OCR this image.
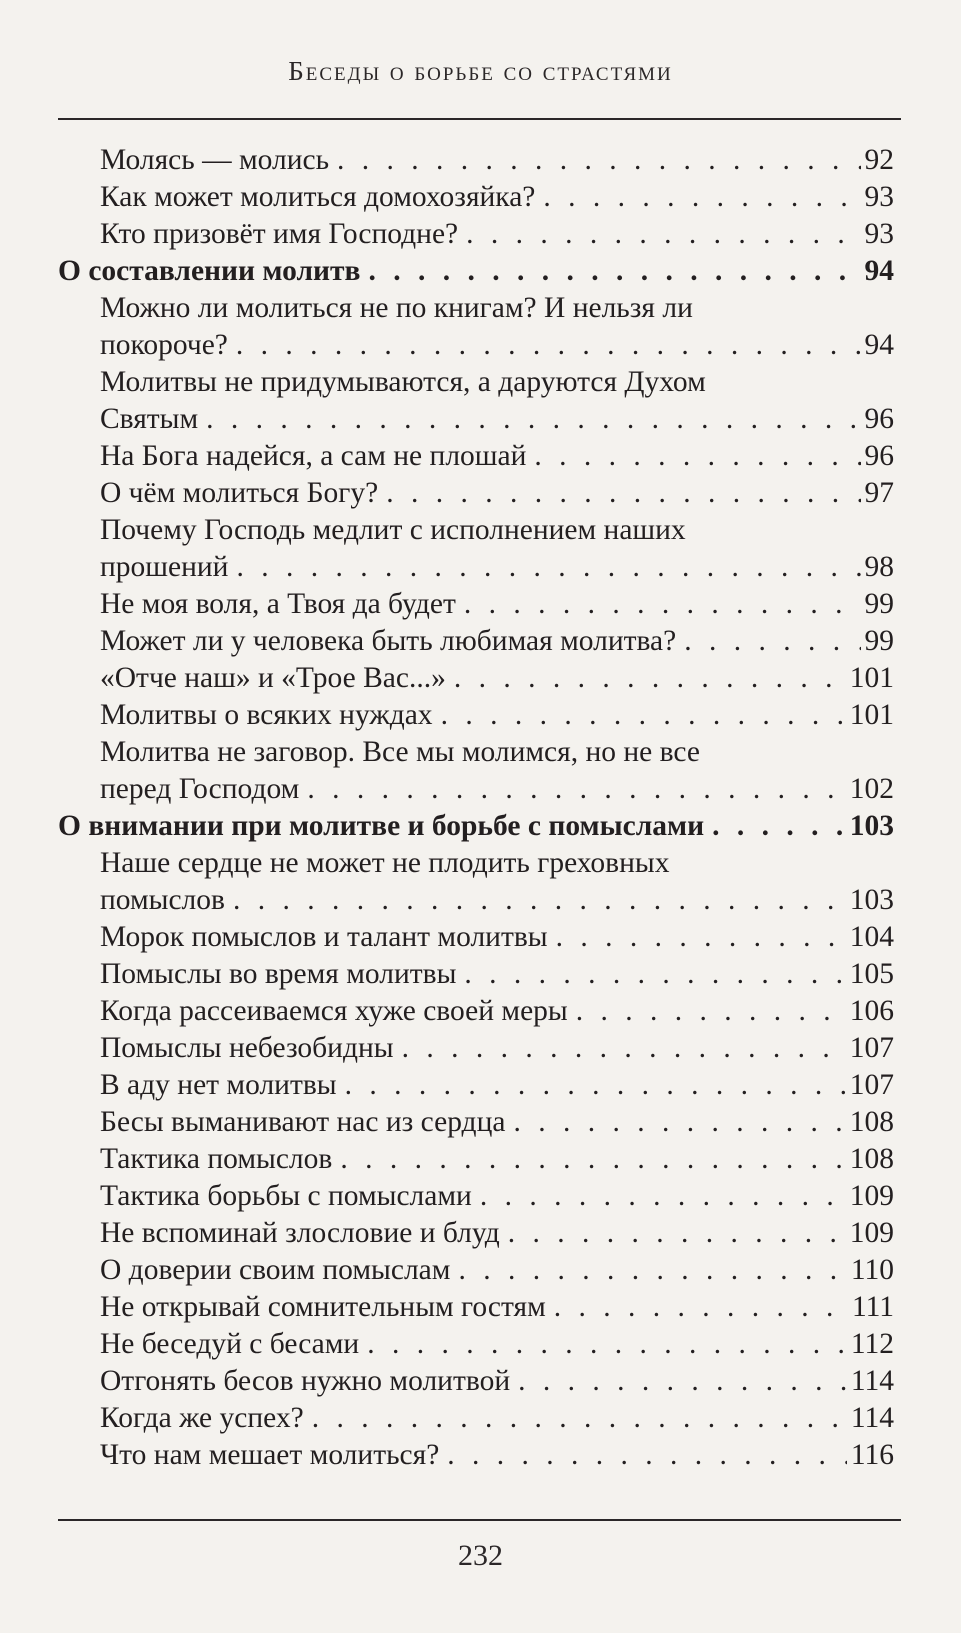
Беседы о борьбе со страстями
Молясь — молись . . .	92
Как может молиться домохозяйка? . . .	93
Кто призовёт имя Господне? . . .	93
О составлении молитв . . .	94
Можно ли молиться не по книгам? И нельзя ли
покороче? . . .	94
Молитвы не придумываются, а даруются Духом
Святым . . .	96
На Бога надейся, а сам не плошай . . .	96
О чём молиться Богу? . . .	97
Почему Господь медлит с исполнением наших
прошений . . .	98
Не моя воля, а Твоя да будет . . .	99
Может ли у человека быть любимая молитва? . . .	99
«Отче наш» и «Трое Вас...» . . .	101
Молитвы о всяких нуждах . . .	101
Молитва не заговор. Все мы молимся, но не все
перед Господом . . .	102
О внимании при молитве и борьбе с помыслами . . .	103
Наше сердце не может не плодить греховных
помыслов . . .	103
Морок помыслов и талант молитвы . . .	104
Помыслы во время молитвы . . .	105
Когда рассеиваемся хуже своей меры . . .	106
Помыслы небезобидны . . .	107
В аду нет молитвы . . .	107
Бесы выманивают нас из сердца . . .	108
Тактика помыслов . . .	108
Тактика борьбы с помыслами . . .	109
Не вспоминай злословие и блуд . . .	109
О доверии своим помыслам . . .	110
Не открывай сомнительным гостям . . .	111
Не беседуй с бесами . . .	112
Отгонять бесов нужно молитвой . . .	114
Когда же успех? . . .	114
Что нам мешает молиться? . . .	116
232
